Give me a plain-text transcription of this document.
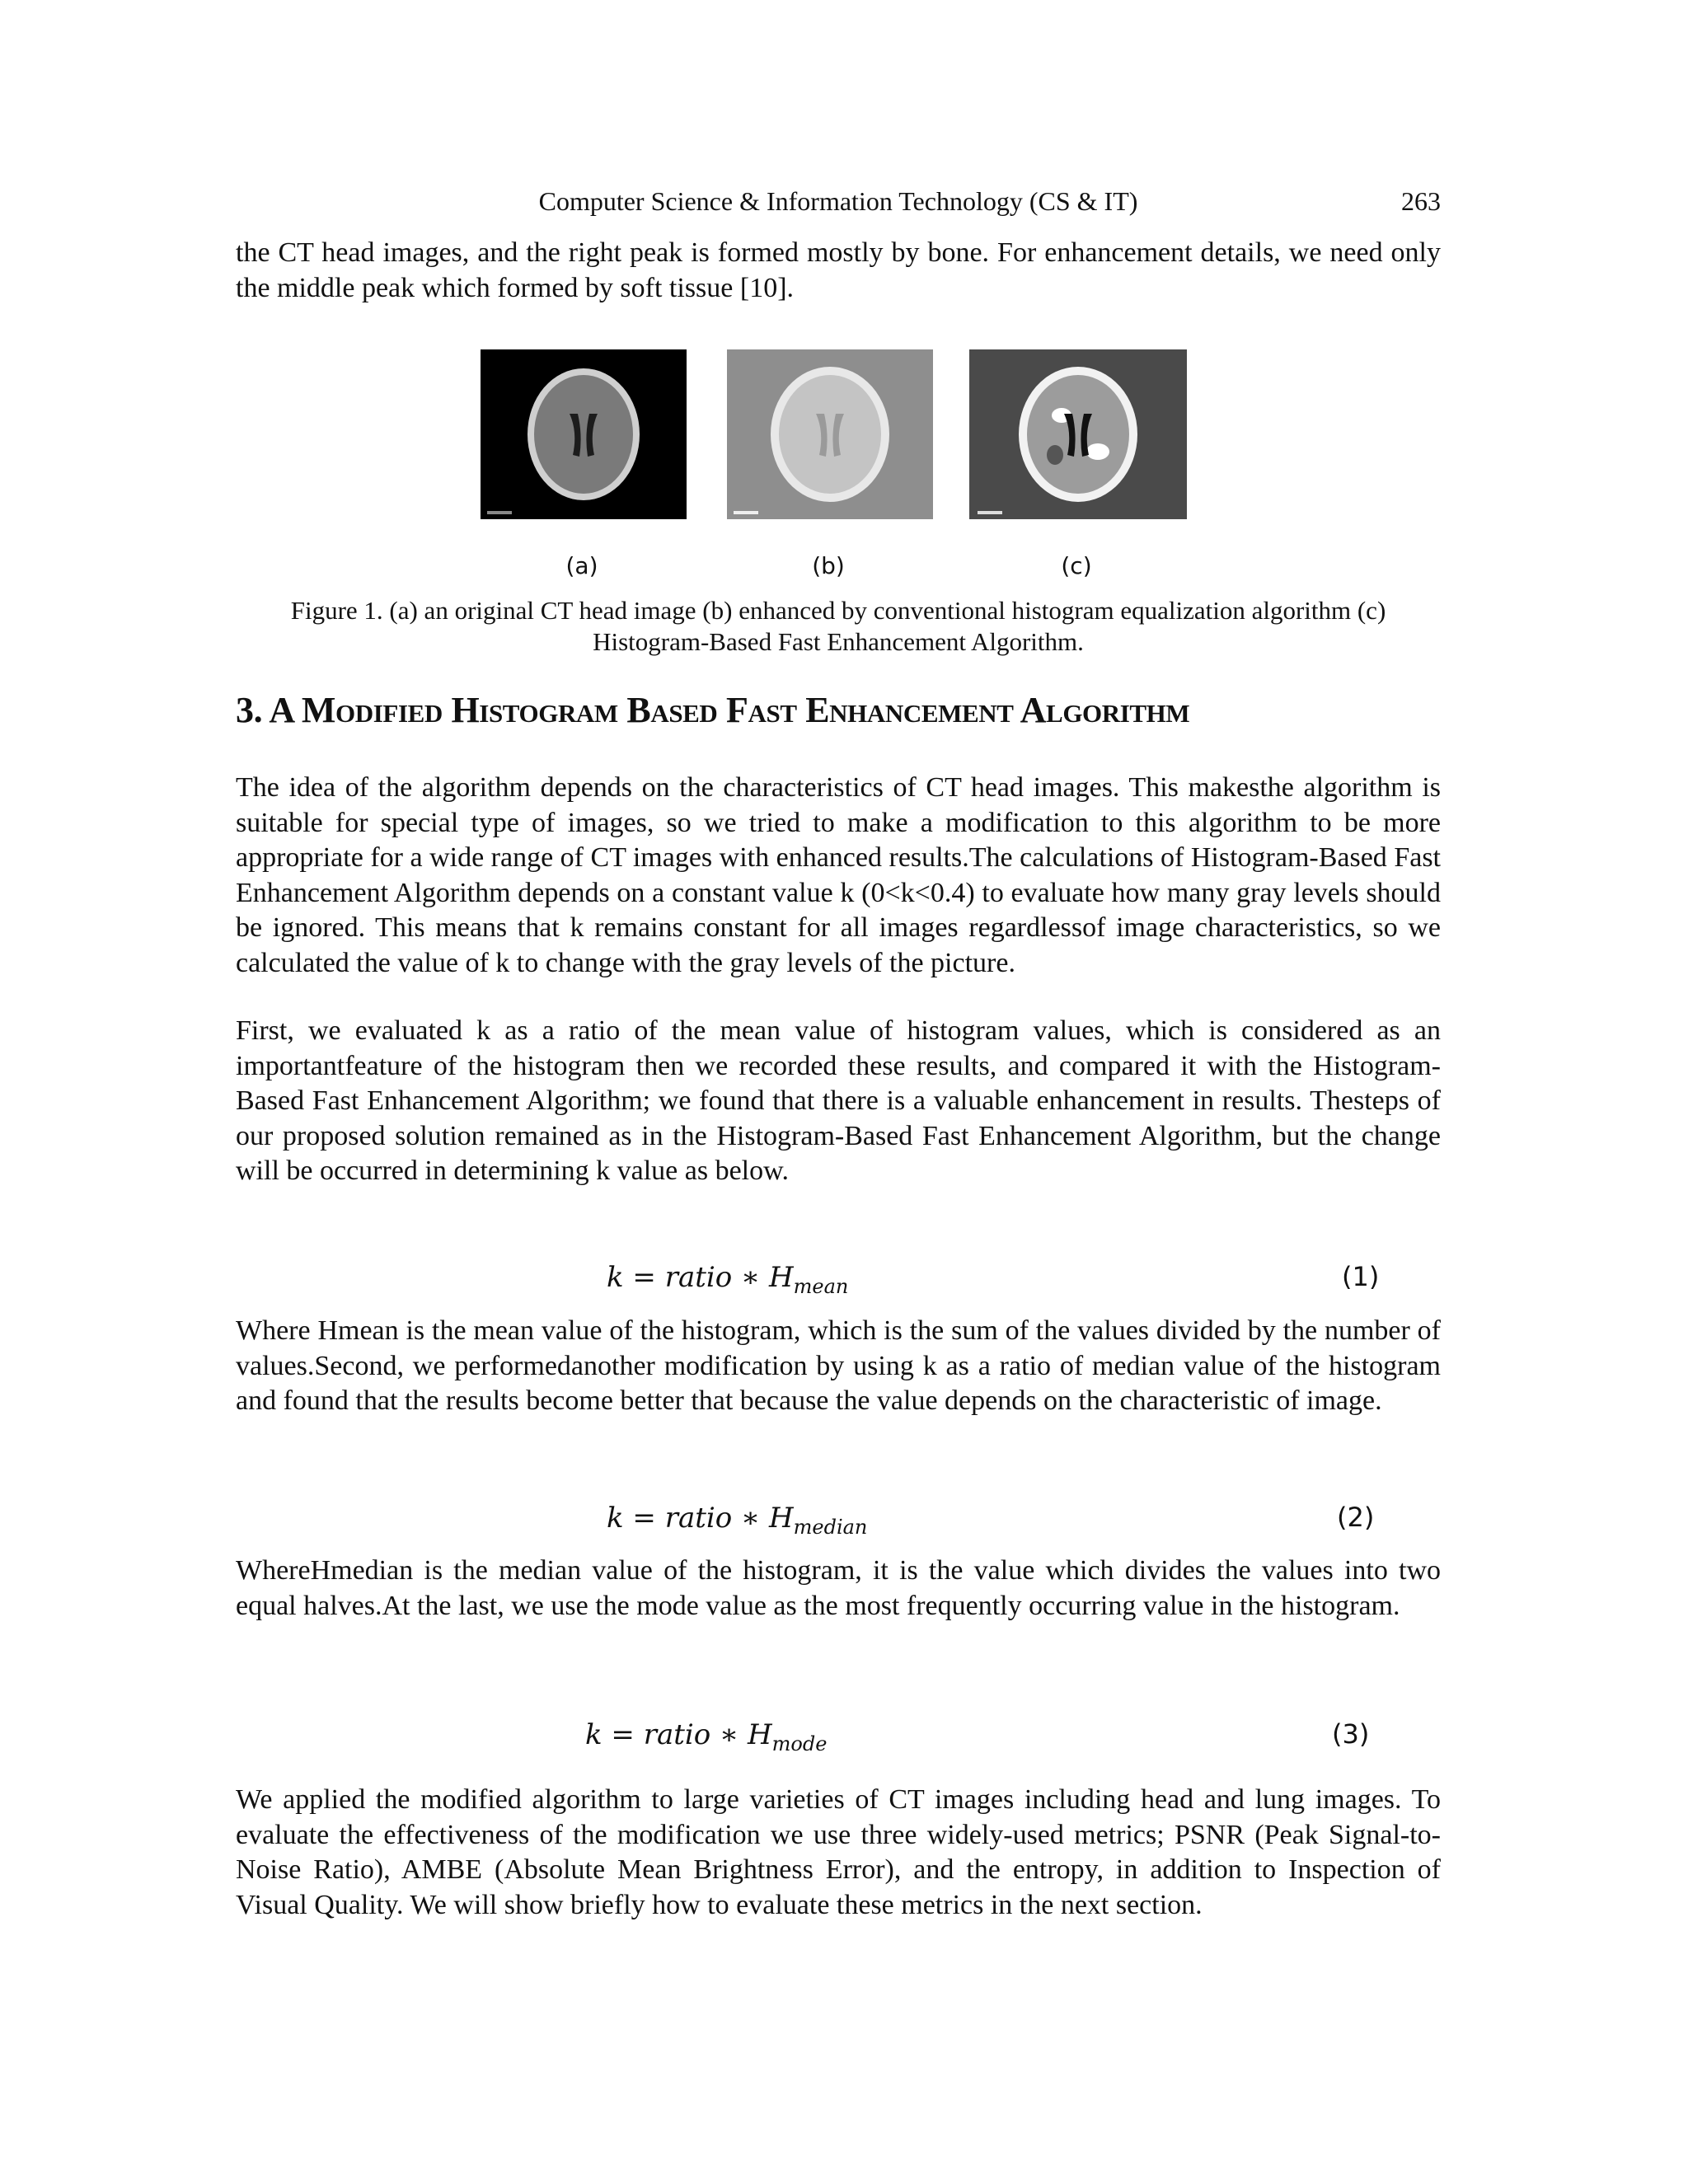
Computer Science & Information Technology (CS & IT)	263

the CT head images, and the right peak is formed mostly by bone. For enhancement details, we need only the middle peak which formed by soft tissue [10].

(a)	(b)	(c)

Figure 1. (a) an original CT head image (b) enhanced by conventional histogram equalization algorithm (c)
Histogram-Based Fast Enhancement Algorithm.

3. A Modified Histogram Based Fast Enhancement Algorithm

The idea of the algorithm depends on the characteristics of CT head images. This makesthe algorithm is suitable for special type of images, so we tried to make a modification to this algorithm to be more appropriate for a wide range of CT images with enhanced results.The calculations of Histogram-Based Fast Enhancement Algorithm depends on a constant value k (0<k<0.4) to evaluate how many gray levels should be ignored. This means that k remains constant for all images regardlessof image characteristics, so we calculated the value of k to change with the gray levels of the picture.

First, we evaluated k as a ratio of the mean value of histogram values, which is considered as an importantfeature of the histogram then we recorded these results, and compared it with the Histogram-Based Fast Enhancement Algorithm; we found that there is a valuable enhancement in results. Thesteps of our proposed solution remained as in the Histogram-Based Fast Enhancement Algorithm, but the change will be occurred in determining k value as below.

k = ratio ∗ $H_{mean}$	(1)

Where Hmean is the mean value of the histogram, which is the sum of the values divided by the number of values.Second, we performedanother modification by using k as a ratio of median value of the histogram and found that the results become better that because the value depends on the characteristic of image.

k = ratio ∗ $H_{median}$	(2)

WhereHmedian is the median value of the histogram, it is the value which divides the values into two equal halves.At the last, we use the mode value as the most frequently occurring value in the histogram.

k = ratio ∗ $H_{mode}$	(3)

We applied the modified algorithm to large varieties of CT images including head and lung images. To evaluate the effectiveness of the modification we use three widely-used metrics; PSNR (Peak Signal-to-Noise Ratio), AMBE (Absolute Mean Brightness Error), and the entropy, in addition to Inspection of Visual Quality. We will show briefly how to evaluate these metrics in the next section.
